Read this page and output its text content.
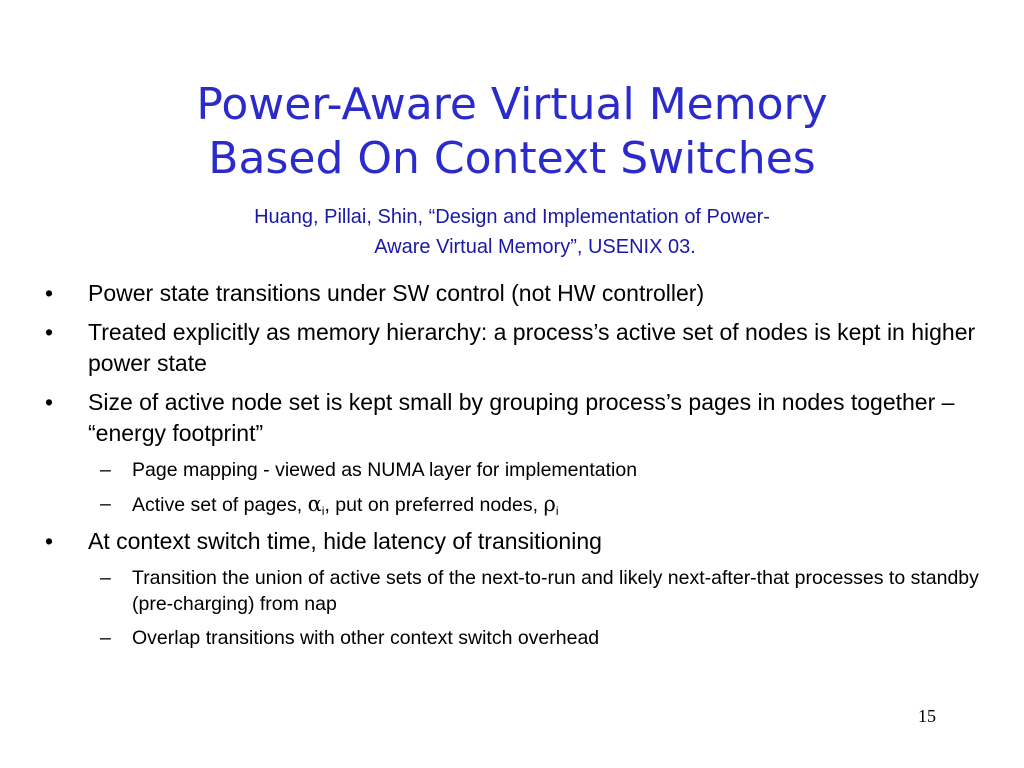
Power-Aware Virtual Memory
Based On Context Switches
Huang, Pillai, Shin, “Design and Implementation of Power-
Aware Virtual Memory”, USENIX 03.
• Power state transitions under SW control (not HW controller)
• Treated explicitly as memory hierarchy: a process’s active set of nodes is kept in higher power state
• Size of active node set is kept small by grouping process’s pages in nodes together – “energy footprint”
– Page mapping - viewed as NUMA layer for implementation
– Active set of pages, $\alpha_i$, put on preferred nodes, $\rho_i$
• At context switch time, hide latency of transitioning
– Transition the union of active sets of the next-to-run and likely next-after-that processes to standby (pre-charging) from nap
– Overlap transitions with other context switch overhead
15
